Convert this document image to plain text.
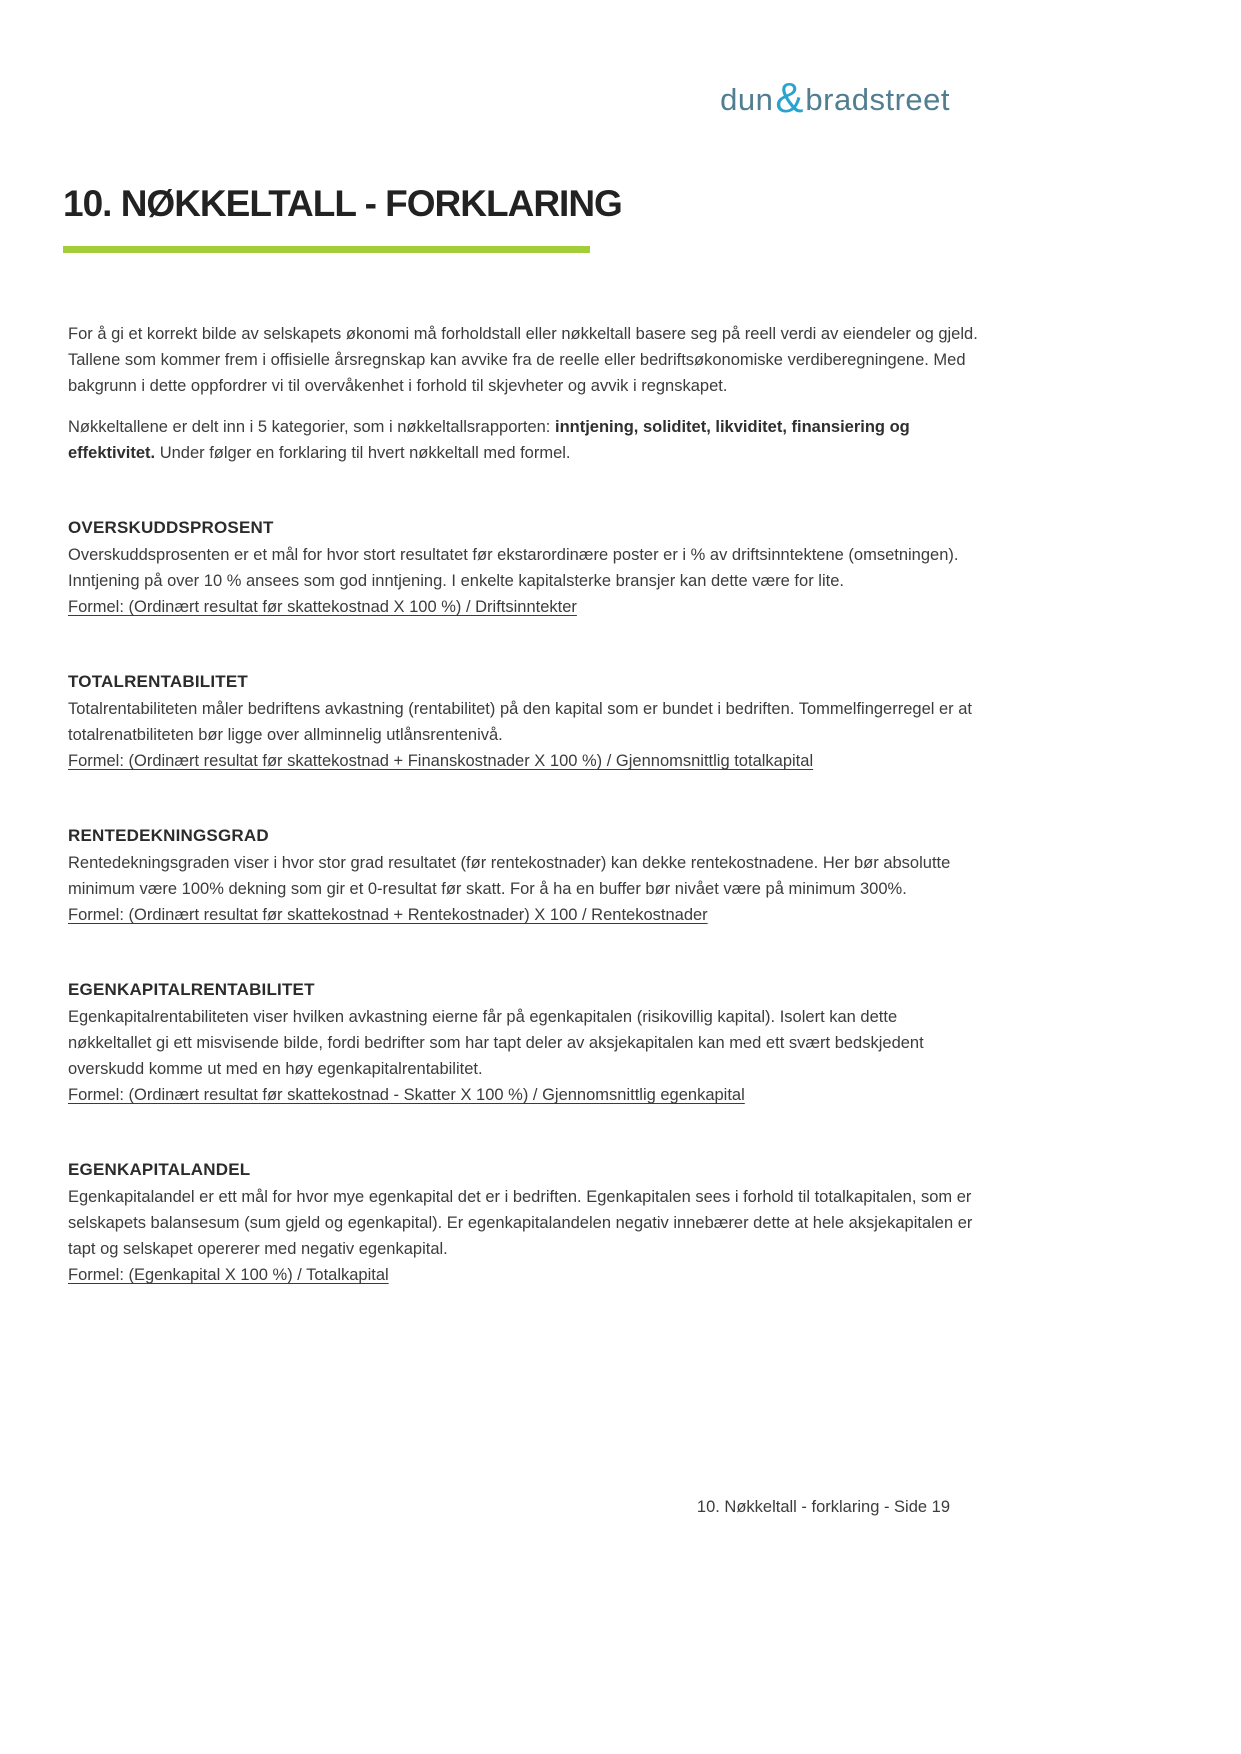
dun & bradstreet
10. NØKKELTALL - FORKLARING

For å gi et korrekt bilde av selskapets økonomi må forholdstall eller nøkkeltall basere seg på reell verdi av eiendeler og gjeld. Tallene som kommer frem i offisielle årsregnskap kan avvike fra de reelle eller bedriftsøkonomiske verdiberegningene. Med bakgrunn i dette oppfordrer vi til overvåkenhet i forhold til skjevheter og avvik i regnskapet.

Nøkkeltallene er delt inn i 5 kategorier, som i nøkkeltallsrapporten: inntjening, soliditet, likviditet, finansiering og effektivitet. Under følger en forklaring til hvert nøkkeltall med formel.

OVERSKUDDSPROSENT

Overskuddsprosenten er et mål for hvor stort resultatet før ekstarordinære poster er i % av driftsinntektene (omsetningen). Inntjening på over 10 % ansees som god inntjening. I enkelte kapitalsterke bransjer kan dette være for lite.

Formel: (Ordinært resultat før skattekostnad X 100 %) / Driftsinntekter
TOTALRENTABILITET

Totalrentabiliteten måler bedriftens avkastning (rentabilitet) på den kapital som er bundet i bedriften. Tommelfingerregel er at totalrenatbiliteten bør ligge over allminnelig utlånsrentenivå.

Formel: (Ordinært resultat før skattekostnad + Finanskostnader X 100 %) / Gjennomsnittlig totalkapital
RENTEDEKNINGSGRAD

Rentedekningsgraden viser i hvor stor grad resultatet (før rentekostnader) kan dekke rentekostnadene. Her bør absolutte minimum være 100% dekning som gir et 0-resultat før skatt. For å ha en buffer bør nivået være på minimum 300%.

Formel: (Ordinært resultat før skattekostnad + Rentekostnader) X 100 / Rentekostnader
EGENKAPITALRENTABILITET

Egenkapitalrentabiliteten viser hvilken avkastning eierne får på egenkapitalen (risikovillig kapital). Isolert kan dette nøkkeltallet gi ett misvisende bilde, fordi bedrifter som har tapt deler av aksjekapitalen kan med ett svært bedskjedent overskudd komme ut med en høy egenkapitalrentabilitet.

Formel: (Ordinært resultat før skattekostnad - Skatter X 100 %) / Gjennomsnittlig egenkapital
EGENKAPITALANDEL

Egenkapitalandel er ett mål for hvor mye egenkapital det er i bedriften. Egenkapitalen sees i forhold til totalkapitalen, som er selskapets balansesum (sum gjeld og egenkapital). Er egenkapitalandelen negativ innebærer dette at hele aksjekapitalen er tapt og selskapet opererer med negativ egenkapital.

Formel: (Egenkapital X 100 %) / Totalkapital
10. Nøkkeltall - forklaring - Side 19
